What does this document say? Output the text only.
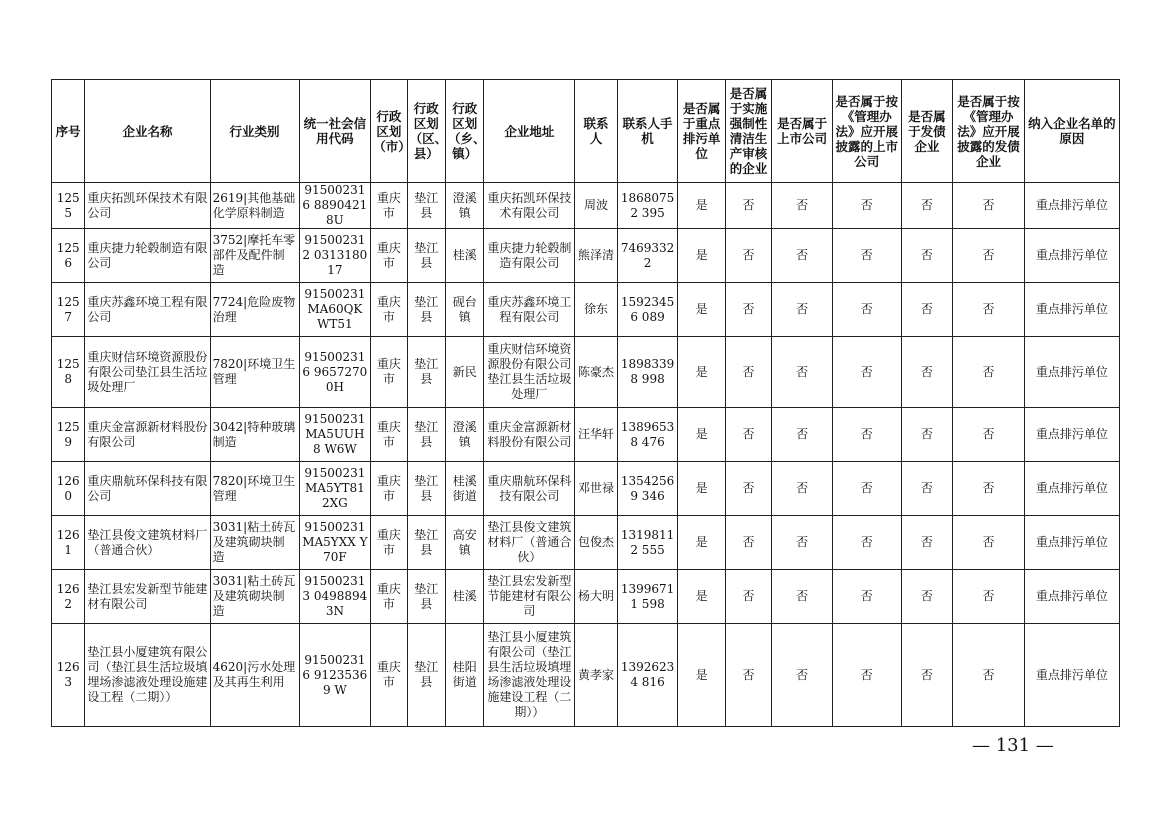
序号	企业名称	行业类别	统一社会信用代码	行政区划（市）	行政区划（区、县）	行政区划（乡、镇）	企业地址	联系人	联系人手机	是否属于重点排污单位	是否属于实施强制性清洁生产审核的企业	是否属于上市公司	是否属于按《管理办法》应开展披露的上市公司	是否属于发债企业	是否属于按《管理办法》应开展披露的发债企业	纳入企业名单的原因
1255	重庆拓凯环保技术有限公司	2619|其他基础化学原料制造	915002316 88904218U	重庆市	垫江县	澄溪镇	重庆拓凯环保技术有限公司	周波	18680752 395	是	否	否	否	否	否	重点排污单位
1256	重庆捷力轮毂制造有限公司	3752|摩托车零部件及配件制造	915002312 031318017	重庆市	垫江县	桂溪	重庆捷力轮毂制造有限公司	熊泽清	74693322	是	否	否	否	否	否	重点排污单位
1257	重庆苏鑫环境工程有限公司	7724|危险废物治理	91500231 MA60QK WT51	重庆市	垫江县	砚台镇	重庆苏鑫环境工程有限公司	徐东	15923456 089	是	否	否	否	否	否	重点排污单位
1258	重庆财信环境资源股份有限公司垫江县生活垃圾处理厂	7820|环境卫生管理	915002316 96572700H	重庆市	垫江县	新民	重庆财信环境资源股份有限公司垫江县生活垃圾处理厂	陈豪杰	18983398 998	是	否	否	否	否	否	重点排污单位
1259	重庆金富源新材料股份有限公司	3042|特种玻璃制造	91500231 MA5UUH8 W6W	重庆市	垫江县	澄溪镇	重庆金富源新材料股份有限公司	汪华轩	13896538 476	是	否	否	否	否	否	重点排污单位
1260	重庆鼎航环保科技有限公司	7820|环境卫生管理	91500231 MA5YT81 2XG	重庆市	垫江县	桂溪街道	重庆鼎航环保科技有限公司	邓世禄	13542569 346	是	否	否	否	否	否	重点排污单位
1261	垫江县俊文建筑材料厂（普通合伙）	3031|粘土砖瓦及建筑砌块制造	91500231 MA5YXX Y70F	重庆市	垫江县	高安镇	垫江县俊文建筑材料厂（普通合伙）	包俊杰	13198112 555	是	否	否	否	否	否	重点排污单位
1262	垫江县宏发新型节能建材有限公司	3031|粘土砖瓦及建筑砌块制造	915002313 04988943N	重庆市	垫江县	桂溪	垫江县宏发新型节能建材有限公司	杨大明	13996711 598	是	否	否	否	否	否	重点排污单位
1263	垫江县小厦建筑有限公司（垫江县生活垃圾填埋场渗滤液处理设施建设工程（二期））	4620|污水处理及其再生利用	915002316 91235369 W	重庆市	垫江县	桂阳街道	垫江县小厦建筑有限公司（垫江县生活垃圾填埋场渗滤液处理设施建设工程（二期））	黄孝家	13926234 816	是	否	否	否	否	否	重点排污单位
— 131 —
